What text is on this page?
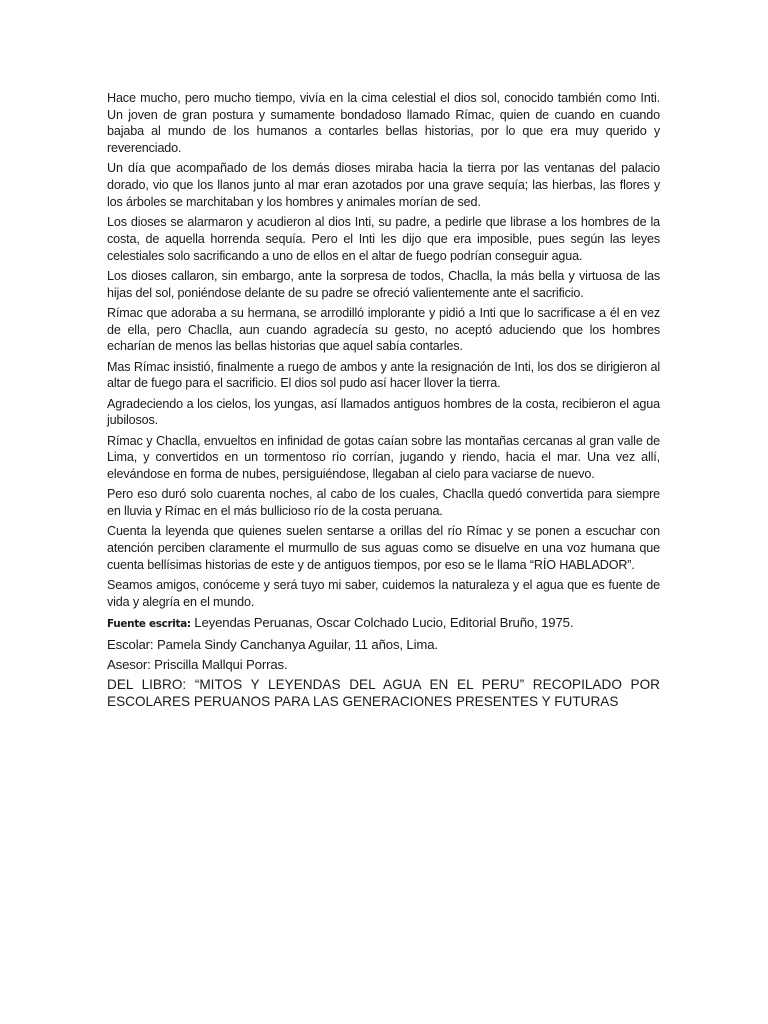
Hace mucho, pero mucho tiempo, vivía en la cima celestial el dios sol, conocido también como Inti. Un joven de gran postura y sumamente bondadoso llamado Rímac, quien de cuando en cuando bajaba al mundo de los humanos a contarles bellas historias, por lo que era muy querido y reverenciado.

Un día que acompañado de los demás dioses miraba hacia la tierra por las ventanas del palacio dorado, vio que los llanos junto al mar eran azotados por una grave sequía; las hierbas, las flores y los árboles se marchitaban y los hombres y animales morían de sed.

Los dioses se alarmaron y acudieron al dios Inti, su padre, a pedirle que librase a los hombres de la costa, de aquella horrenda sequía. Pero el Inti les dijo que era imposible, pues según las leyes celestiales solo sacrificando a uno de ellos en el altar de fuego podrían conseguir agua.

Los dioses callaron, sin embargo, ante la sorpresa de todos, Chaclla, la más bella y virtuosa de las hijas del sol, poniéndose delante de su padre se ofreció valientemente ante el sacrificio.

Rímac que adoraba a su hermana, se arrodilló implorante y pidió a Inti que lo sacrificase a él en vez de ella, pero Chaclla, aun cuando agradecía su gesto, no aceptó aduciendo que los hombres echarían de menos las bellas historias que aquel sabía contarles.

Mas Rímac insistió, finalmente a ruego de ambos y ante la resignación de Inti, los dos se dirigieron al altar de fuego para el sacrificio. El dios sol pudo así hacer llover la tierra.

Agradeciendo a los cielos, los yungas, así llamados antiguos hombres de la costa, recibieron el agua jubilosos.

Rímac y Chaclla, envueltos en infinidad de gotas caían sobre las montañas cercanas al gran valle de Lima, y convertidos en un tormentoso río corrían, jugando y riendo, hacia el mar. Una vez allí, elevándose en forma de nubes, persiguiéndose, llegaban al cielo para vaciarse de nuevo.

Pero eso duró solo cuarenta noches, al cabo de los cuales, Chaclla quedó convertida para siempre en lluvia y Rímac en el más bullicioso río de la costa peruana.

Cuenta la leyenda que quienes suelen sentarse a orillas del río Rímac y se ponen a escuchar con atención perciben claramente el murmullo de sus aguas como se disuelve en una voz humana que cuenta bellísimas historias de este y de antiguos tiempos, por eso se le llama “RÍO HABLADOR”.

Seamos amigos, conóceme y será tuyo mi saber, cuidemos la naturaleza y el agua que es fuente de vida y alegría en el mundo.

Fuente escrita: Leyendas Peruanas, Oscar Colchado Lucio, Editorial Bruño, 1975.

Escolar: Pamela Sindy Canchanya Aguilar, 11 años, Lima.

Asesor: Priscilla Mallqui Porras.

DEL LIBRO: “MITOS Y LEYENDAS DEL AGUA EN EL PERU” RECOPILADO POR ESCOLARES PERUANOS PARA LAS GENERACIONES PRESENTES Y FUTURAS
